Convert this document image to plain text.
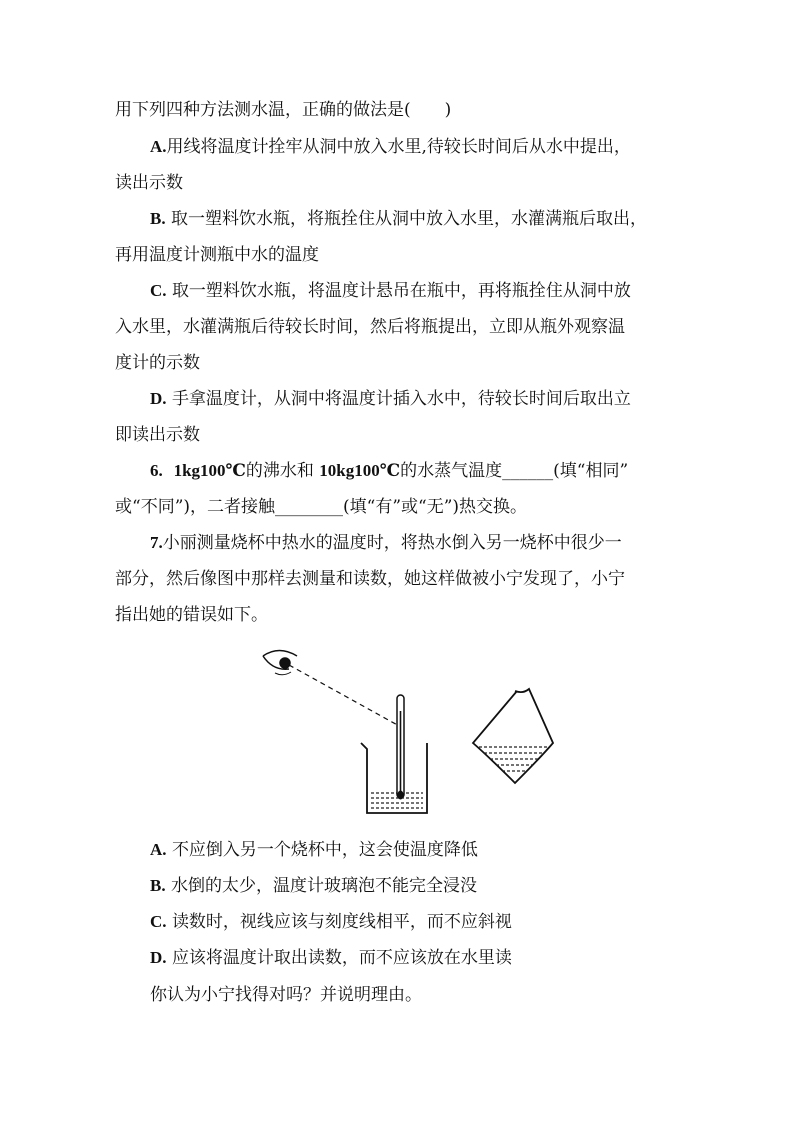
用下列四种方法测水温，正确的做法是(　　)
A.用线将温度计拴牢从洞中放入水里,待较长时间后从水中提出，
读出示数
B. 取一塑料饮水瓶，将瓶拴住从洞中放入水里，水灌满瓶后取出，
再用温度计测瓶中水的温度
C. 取一塑料饮水瓶，将温度计悬吊在瓶中，再将瓶拴住从洞中放
入水里，水灌满瓶后待较长时间，然后将瓶提出，立即从瓶外观察温
度计的示数
D. 手拿温度计，从洞中将温度计插入水中，待较长时间后取出立
即读出示数
6. 1kg100℃的沸水和 10kg100℃的水蒸气温度______(填“相同”
或“不同”)，二者接触________(填“有”或“无”)热交换。
7.小丽测量烧杯中热水的温度时，将热水倒入另一烧杯中很少一
部分，然后像图中那样去测量和读数，她这样做被小宁发现了，小宁
指出她的错误如下。
A. 不应倒入另一个烧杯中，这会使温度降低
B. 水倒的太少，温度计玻璃泡不能完全浸没
C. 读数时，视线应该与刻度线相平，而不应斜视
D. 应该将温度计取出读数，而不应该放在水里读
你认为小宁找得对吗？并说明理由。
